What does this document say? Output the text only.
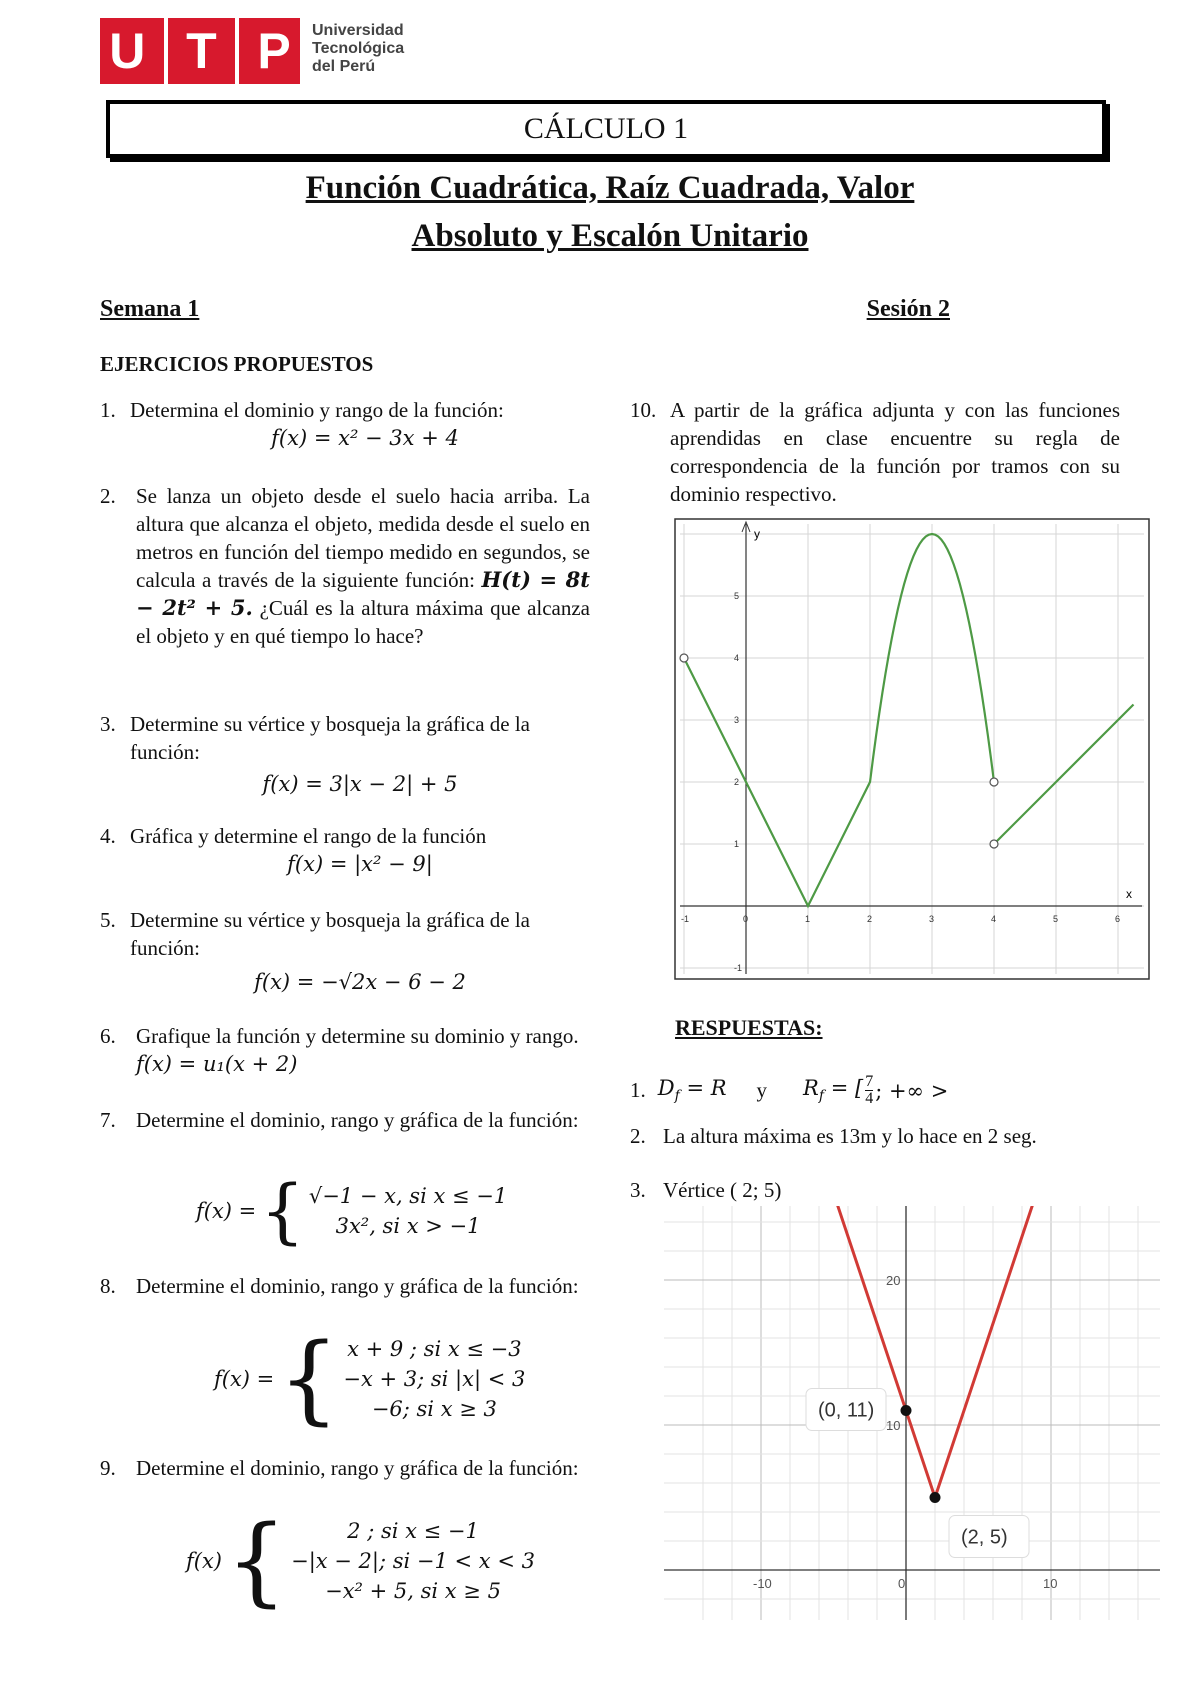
U T P Universidad
Tecnológica
del Perú
CÁLCULO 1
Función Cuadrática, Raíz Cuadrada, Valor
Absoluto y Escalón Unitario
Semana 1	Sesión 2
EJERCICIOS PROPUESTOS
1. Determina el dominio y rango de la función:
f(x) = x² − 3x + 4
2. Se lanza un objeto desde el suelo hacia arriba. La altura que alcanza el objeto, medida desde el suelo en metros en función del tiempo medido en segundos, se calcula a través de la siguiente función: H(t) = 8t − 2t² + 5. ¿Cuál es la altura máxima que alcanza el objeto y en qué tiempo lo hace?
3. Determine su vértice y bosqueja la gráfica de la función:
f(x) = 3|x − 2| + 5
4. Gráfica y determine el rango de la función
f(x) = |x² − 9|
5. Determine su vértice y bosqueja la gráfica de la función:
f(x) = −√2x − 6 − 2
6. Grafique la función y determine su dominio y rango. f(x) = u₁(x + 2)
7. Determine el dominio, rango y gráfica de la función:
f(x) = { √−1 − x, si x ≤ −1
3x², si x > −1
8. Determine el dominio, rango y gráfica de la función:
f(x) = { x + 9 ; si x ≤ −3
−x + 3; si |x| < 3
−6; si x ≥ 3
9. Determine el dominio, rango y gráfica de la función:
f(x) {	2 ; si x ≤ −1
−|x − 2|; si −1 < x < 3
−x² + 5, si x ≥ 5
10. A partir de la gráfica adjunta y con las funciones aprendidas en clase encuentre su regla de correspondencia de la función por tramos con su dominio respectivo.
y
x
-1	0	1	2	3	4	5	6
-1
1
2
3
4
5
RESPUESTAS:
1. $D_f = R$ y $R_f$ = [ 7
4 ; +∞ >
2. La altura máxima es 13m y lo hace en 2 seg.
3. Vértice ( 2; 5)
-10	0	10
20
10
(0, 11)
(2, 5)
